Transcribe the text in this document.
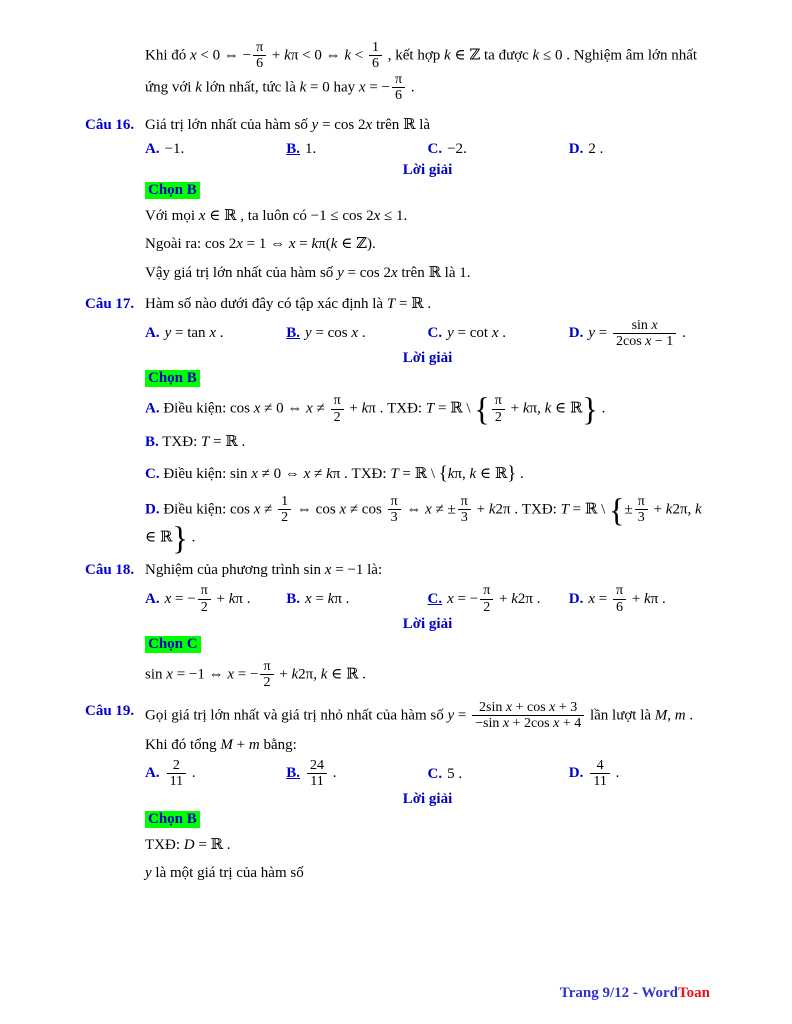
Khi đó x < 0 ⇔ − $\frac{\pi}{6} + k\pi < 0$ ⇔ $k < \frac{1}{6}$ , kết hợp k ∈ ℤ ta được k ≤ 0 . Nghiệm âm lớn nhất ứng với k lớn nhất, tức là k = 0 hay x = − $\frac{\pi}{6}$ .

Câu 16. Giá trị lớn nhất của hàm số y = cos 2x trên ℝ là
A. −1.	B. 1.	C. −2.	D. 2 .
Lời giải
Chọn B

Với mọi x ∈ ℝ , ta luôn có −1 ≤ cos 2x ≤ 1.

Ngoài ra: cos 2x = 1 ⇔ x = kπ(k ∈ ℤ).

Vậy giá trị lớn nhất của hàm số y = cos 2x trên ℝ là 1.

Câu 17. Hàm số nào dưới đây có tập xác định là T = ℝ .
A. y = tan x .	B. y = cos x .	C. y = cot x .	D. $y = \frac{\text{sin x}}{\text{2cos x − 1}}$ .
Lời giải
Chọn B

A. Điều kiện: cos x ≠ 0 ⇔ $x \ne \frac{\pi}{2} + k\pi$ . TXĐ: T = ℝ \ { $\frac{\pi}{2} + k\pi$, k ∈ ℝ} .

B. TXĐ: T = ℝ .

C. Điều kiện: sin x ≠ 0 ⇔ x ≠ kπ . TXĐ: T = ℝ \ {kπ, k ∈ ℝ} .

D. Điều kiện: $\cos x \ne \frac{1}{2}$ ⇔ $\cos x \ne \cos \frac{\pi}{3}$ ⇔ x ≠ ± $\frac{\pi}{3} + k2\pi$ . TXĐ: T = ℝ \ {± $\frac{\pi}{3} + k2\pi$, k ∈ ℝ} .

Câu 18. Nghiệm của phương trình sin x = −1 là:
A. x = − $\frac{\pi}{2} + k\pi$ .	B. x = kπ .	C. x = − $\frac{\pi}{2} + k2\pi$ .	D. $x = \frac{\pi}{6} + k\pi$ .
Lời giải
Chọn C

sin x = −1 ⇔ x = − $\frac{\pi}{2} + k2\pi$, k ∈ ℝ .

Câu 19. Gọi giá trị lớn nhất và giá trị nhỏ nhất của hàm số $y = \frac{\text{2sin x + cos x + 3}}{\text{−sin x + 2cos x + 4}}$ lần lượt là M, m .

Khi đó tổng M + m bằng:

A. $\frac{2}{11}$ .	B. $\frac{24}{11}$ .	C. 5 .	D. $\frac{4}{11}$ .
Lời giải
Chọn B

TXĐ: D = ℝ .

y là một giá trị của hàm số

Trang 9/12 - WordToan
